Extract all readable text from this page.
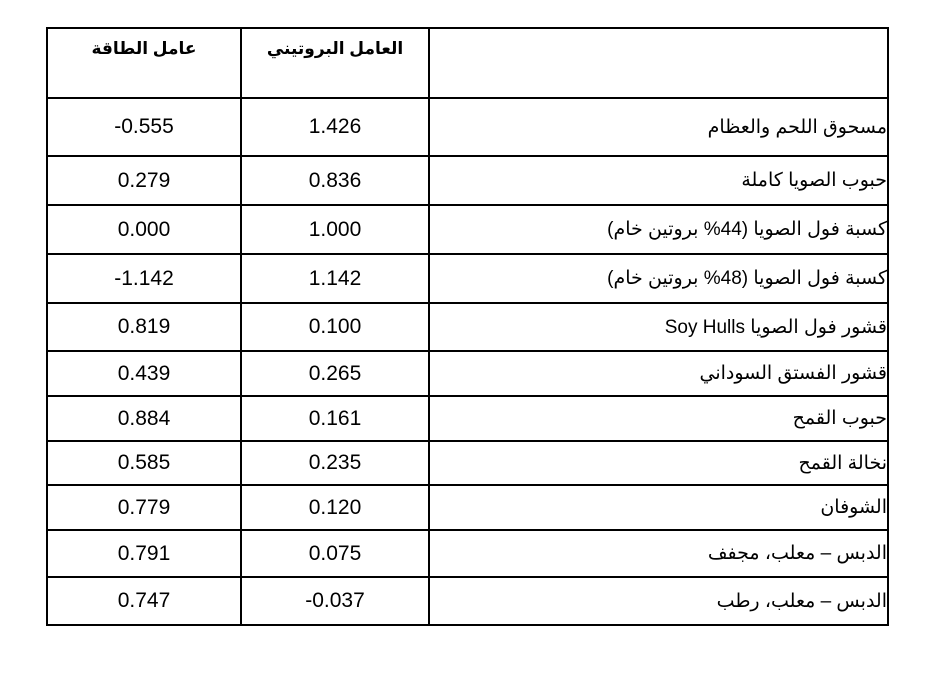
عامل الطاقة	العامل البروتيني	
-0.555	1.426	مسحوق اللحم والعظام
0.279	0.836	حبوب الصويا كاملة
0.000	1.000	كسبة فول الصويا (44% بروتين خام)
-1.142	1.142	كسبة فول الصويا (48% بروتين خام)
0.819	0.100	قشور فول الصويا Soy Hulls
0.439	0.265	قشور الفستق السوداني
0.884	0.161	حبوب القمح
0.585	0.235	نخالة القمح
0.779	0.120	الشوفان
0.791	0.075	الدبس – معلب، مجفف
0.747	-0.037	الدبس – معلب، رطب
